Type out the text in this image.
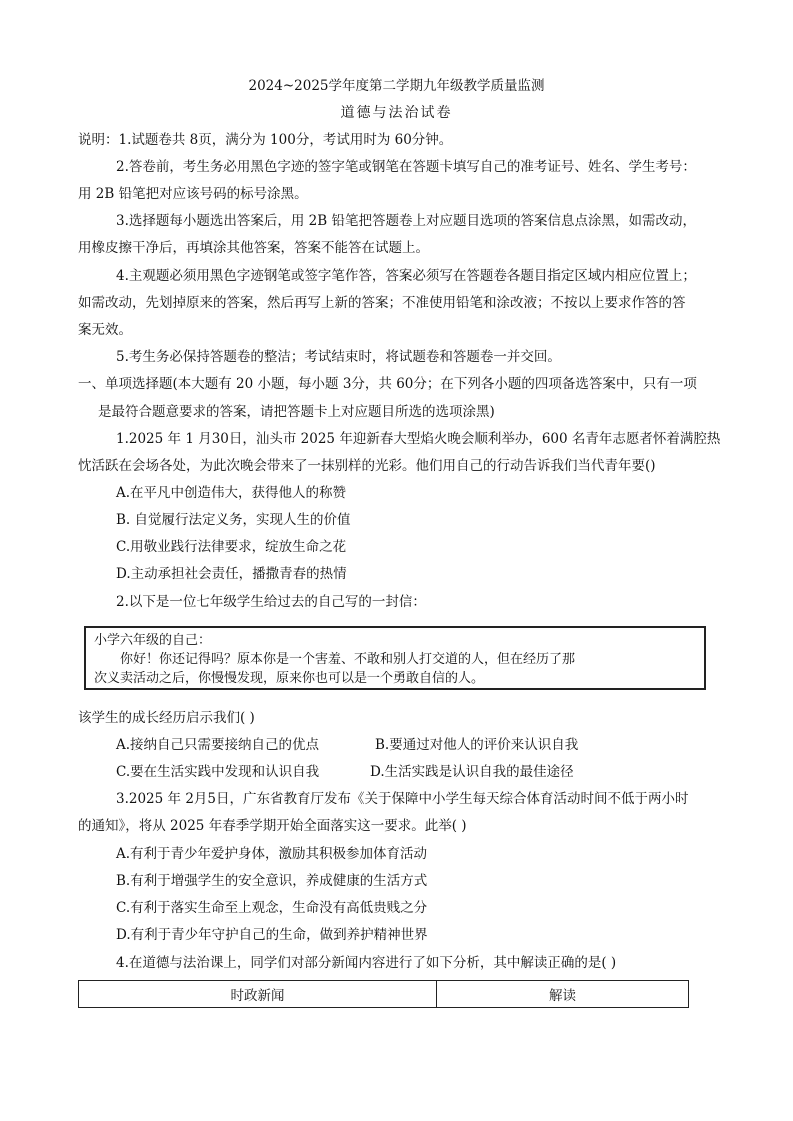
2024~2025学年度第二学期九年级教学质量监测
道德与法治试卷
说明：1.试题卷共 8页，满分为 100分，考试用时为 60分钟。
2.答卷前，考生务必用黑色字迹的签字笔或钢笔在答题卡填写自己的准考证号、姓名、学生考号：
用 2B 铅笔把对应该号码的标号涂黑。
3.选择题每小题选出答案后，用 2B 铅笔把答题卷上对应题目选项的答案信息点涂黑，如需改动，
用橡皮擦干净后，再填涂其他答案，答案不能答在试题上。
4.主观题必须用黑色字迹钢笔或签字笔作答，答案必须写在答题卷各题目指定区域内相应位置上；
如需改动，先划掉原来的答案，然后再写上新的答案；不准使用铅笔和涂改液；不按以上要求作答的答
案无效。
5.考生务必保持答题卷的整洁；考试结束时，将试题卷和答题卷一并交回。
一、单项选择题(本大题有 20 小题，每小题 3分，共 60分；在下列各小题的四项备选答案中，只有一项
是最符合题意要求的答案，请把答题卡上对应题目所选的选项涂黑)
1.2025 年 1 月30日，汕头市 2025 年迎新春大型焰火晚会顺利举办，600 名青年志愿者怀着满腔热
忱活跃在会场各处，为此次晚会带来了一抹别样的光彩。他们用自己的行动告诉我们当代青年要()
A.在平凡中创造伟大，获得他人的称赞
B. 自觉履行法定义务，实现人生的价值
C.用敬业践行法律要求，绽放生命之花
D.主动承担社会责任，播撒青春的热情
2.以下是一位七年级学生给过去的自己写的一封信：
小学六年级的自己：
你好！你还记得吗？原本你是一个害羞、不敢和别人打交道的人，但在经历了那
次义卖活动之后，你慢慢发现，原来你也可以是一个勇敢自信的人。
该学生的成长经历启示我们( )
A.接纳自己只需要接纳自己的优点	B.要通过对他人的评价来认识自我
C.要在生活实践中发现和认识自我	D.生活实践是认识自我的最佳途径
3.2025 年 2月5日，广东省教育厅发布《关于保障中小学生每天综合体育活动时间不低于两小时
的通知》，将从 2025 年春季学期开始全面落实这一要求。此举( )
A.有利于青少年爱护身体，激励其积极参加体育活动
B.有利于增强学生的安全意识，养成健康的生活方式
C.有利于落实生命至上观念，生命没有高低贵贱之分
D.有利于青少年守护自己的生命，做到养护精神世界
4.在道德与法治课上，同学们对部分新闻内容进行了如下分析，其中解读正确的是( )
时政新闻	解读
